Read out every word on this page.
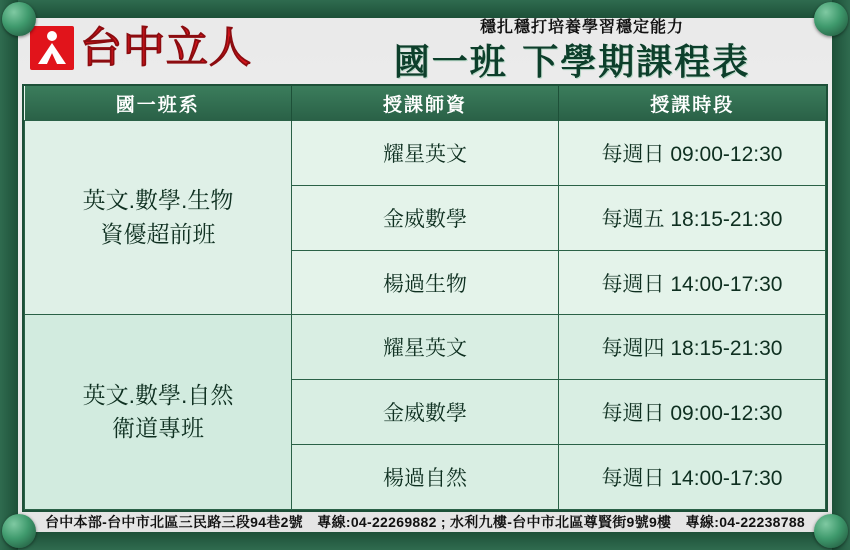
台中立人	穩扎穩打培養學習穩定能力
國一班 下學期課程表
國一班系	授課師資	授課時段
英文.數學.生物
資優超前班	耀星英文	每週日 09:00-12:30
	金威數學	每週五 18:15-21:30
	楊過生物	每週日 14:00-17:30
英文.數學.自然
衛道專班	耀星英文	每週四 18:15-21:30
	金威數學	每週日 09:00-12:30
	楊過自然	每週日 14:00-17:30
台中本部-台中市北區三民路三段94巷2號　專線:04-22269882 ; 水利九樓-台中市北區尊賢街9號9樓　專線:04-22238788
